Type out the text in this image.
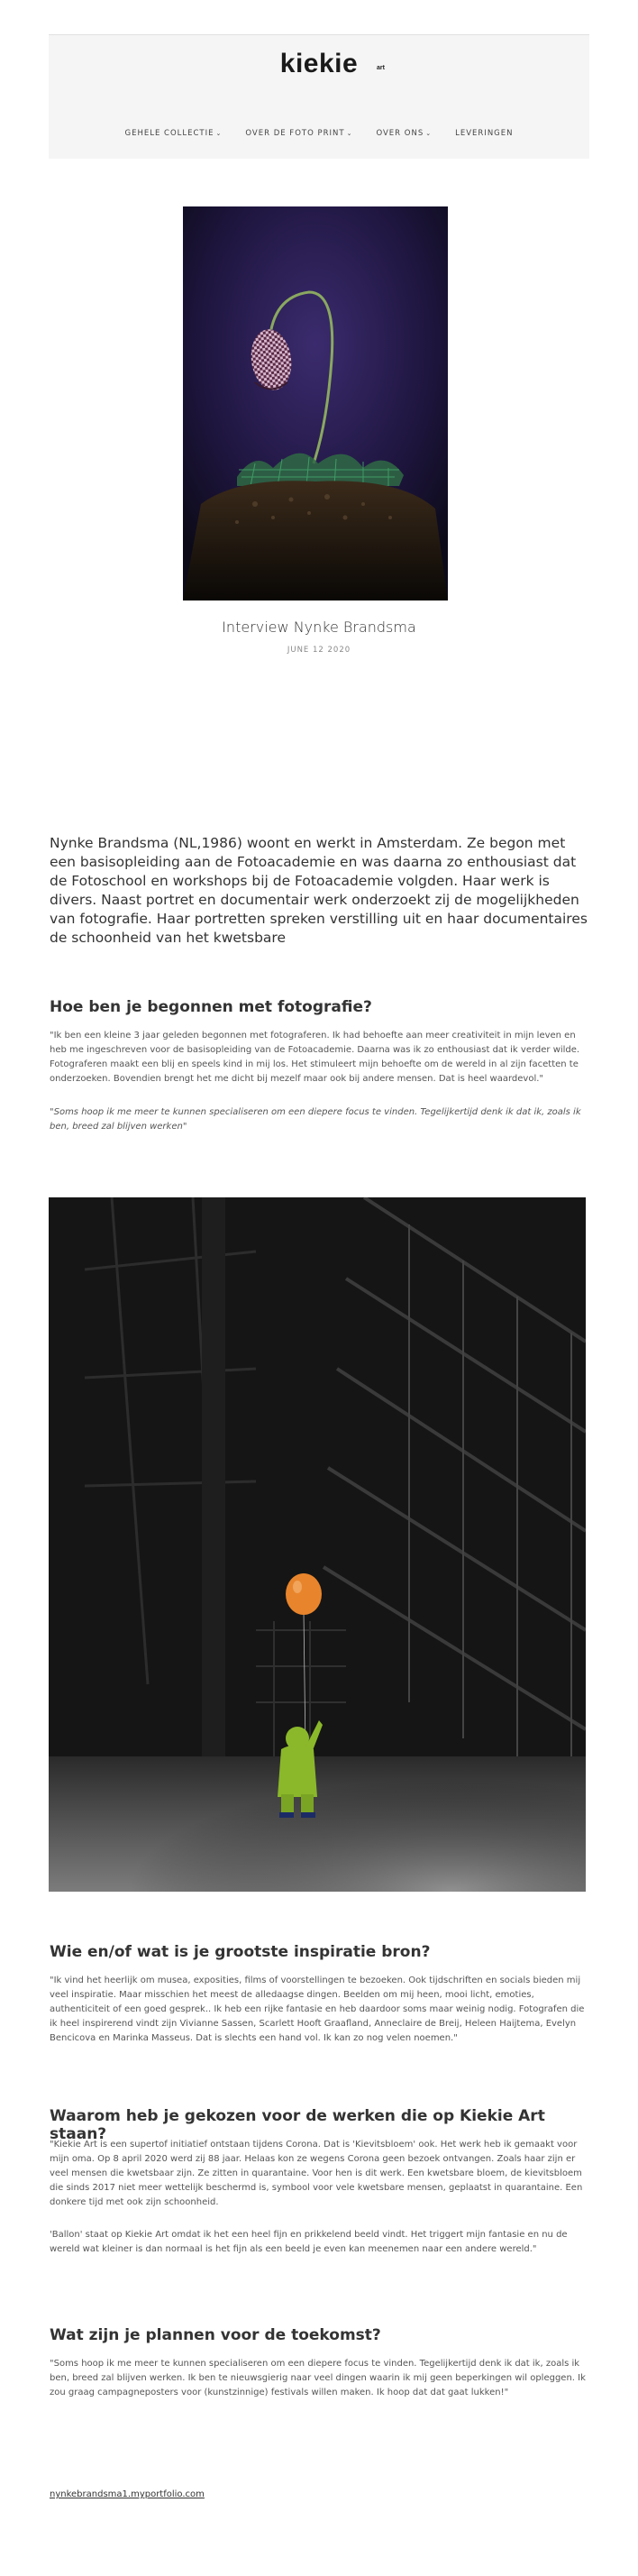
kiekie	art
GEHELE COLLECTIE ⌄	OVER DE FOTO PRINT ⌄	OVER ONS ⌄	LEVERINGEN
Interview Nynke Brandsma
JUNE 12 2020

Nynke Brandsma (NL,1986) woont en werkt in Amsterdam. Ze begon met een basisopleiding aan de Fotoacademie en was daarna zo enthousiast dat de Fotoschool en workshops bij de Fotoacademie volgden. Haar werk is divers. Naast portret en documentair werk onderzoekt zij de mogelijkheden van fotografie. Haar portretten spreken verstilling uit en haar documentaires de schoonheid van het kwetsbare

Hoe ben je begonnen met fotografie?

"Ik ben een kleine 3 jaar geleden begonnen met fotograferen. Ik had behoefte aan meer creativiteit in mijn leven en heb me ingeschreven voor de basisopleiding van de Fotoacademie. Daarna was ik zo enthousiast dat ik verder wilde. Fotograferen maakt een blij en speels kind in mij los. Het stimuleert mijn behoefte om de wereld in al zijn facetten te onderzoeken. Bovendien brengt het me dicht bij mezelf maar ook bij andere mensen. Dat is heel waardevol."

"Soms hoop ik me meer te kunnen specialiseren om een diepere focus te vinden. Tegelijkertijd denk ik dat ik, zoals ik ben, breed zal blijven werken"

Wie en/of wat is je grootste inspiratie bron?

"Ik vind het heerlijk om musea, exposities, films of voorstellingen te bezoeken. Ook tijdschriften en socials bieden mij veel inspiratie. Maar misschien het meest de alledaagse dingen. Beelden om mij heen, mooi licht, emoties, authenticiteit of een goed gesprek.. Ik heb een rijke fantasie en heb daardoor soms maar weinig nodig. Fotografen die ik heel inspirerend vindt zijn Vivianne Sassen, Scarlett Hooft Graafland, Anneclaire de Breij, Heleen Haijtema, Evelyn Bencicova en Marinka Masseus. Dat is slechts een hand vol. Ik kan zo nog velen noemen."

Waarom heb je gekozen voor de werken die op Kiekie Art staan?

"Kiekie Art is een supertof initiatief ontstaan tijdens Corona. Dat is 'Kievitsbloem' ook. Het werk heb ik gemaakt voor mijn oma. Op 8 april 2020 werd zij 88 jaar. Helaas kon ze wegens Corona geen bezoek ontvangen. Zoals haar zijn er veel mensen die kwetsbaar zijn. Ze zitten in quarantaine. Voor hen is dit werk. Een kwetsbare bloem, de kievitsbloem die sinds 2017 niet meer wettelijk beschermd is, symbool voor vele kwetsbare mensen, geplaatst in quarantaine. Een donkere tijd met ook zijn schoonheid.

'Ballon' staat op Kiekie Art omdat ik het een heel fijn en prikkelend beeld vindt. Het triggert mijn fantasie en nu de wereld wat kleiner is dan normaal is het fijn als een beeld je even kan meenemen naar een andere wereld."

Wat zijn je plannen voor de toekomst?

"Soms hoop ik me meer te kunnen specialiseren om een diepere focus te vinden. Tegelijkertijd denk ik dat ik, zoals ik ben, breed zal blijven werken. Ik ben te nieuwsgierig naar veel dingen waarin ik mij geen beperkingen wil opleggen. Ik zou graag campagneposters voor (kunstzinnige) festivals willen maken. Ik hoop dat dat gaat lukken!"

nynkebrandsma1.myportfolio.com
